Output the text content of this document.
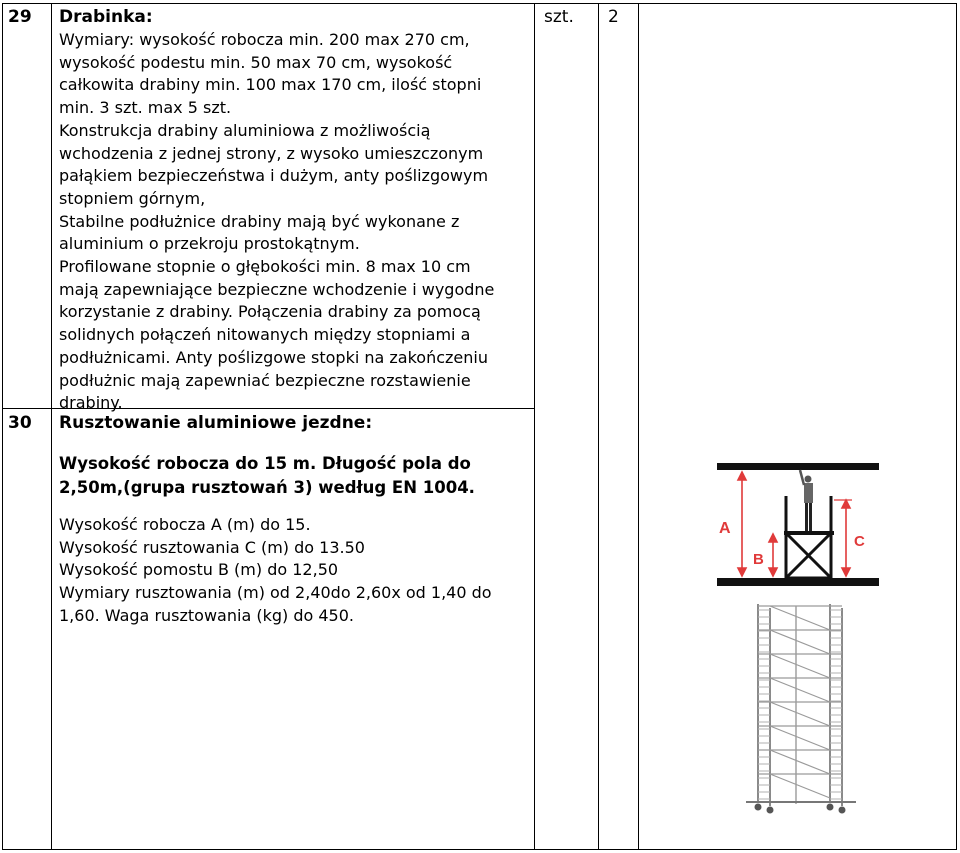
29 Drabinka:
Wymiary: wysokość robocza min. 200 max 270 cm,
wysokość podestu min. 50 max 70 cm, wysokość
całkowita drabiny min. 100 max 170 cm, ilość stopni
min. 3 szt. max 5 szt.
Konstrukcja drabiny aluminiowa z możliwością
wchodzenia z jednej strony, z wysoko umieszczonym
pałąkiem bezpieczeństwa i dużym, anty poślizgowym
stopniem górnym,
Stabilne podłużnice drabiny mają być wykonane z
aluminium o przekroju prostokątnym.
Profilowane stopnie o głębokości min. 8 max 10 cm
mają zapewniające bezpieczne wchodzenie i wygodne
korzystanie z drabiny. Połączenia drabiny za pomocą
solidnych połączeń nitowanych między stopniami a
podłużnicami. Anty poślizgowe stopki na zakończeniu
podłużnic mają zapewniać bezpieczne rozstawienie
drabiny.
szt. 2
30 Rusztowanie aluminiowe jezdne:
Wysokość robocza do 15 m. Długość pola do
2,50m,(grupa rusztowań 3) według EN 1004.
Wysokość robocza A (m) do 15.
Wysokość rusztowania C (m) do 13.50
Wysokość pomostu B (m) do 12,50
Wymiary rusztowania (m) od 2,40do 2,60x od 1,40 do
1,60. Waga rusztowania (kg) do 450.
A
B
C
